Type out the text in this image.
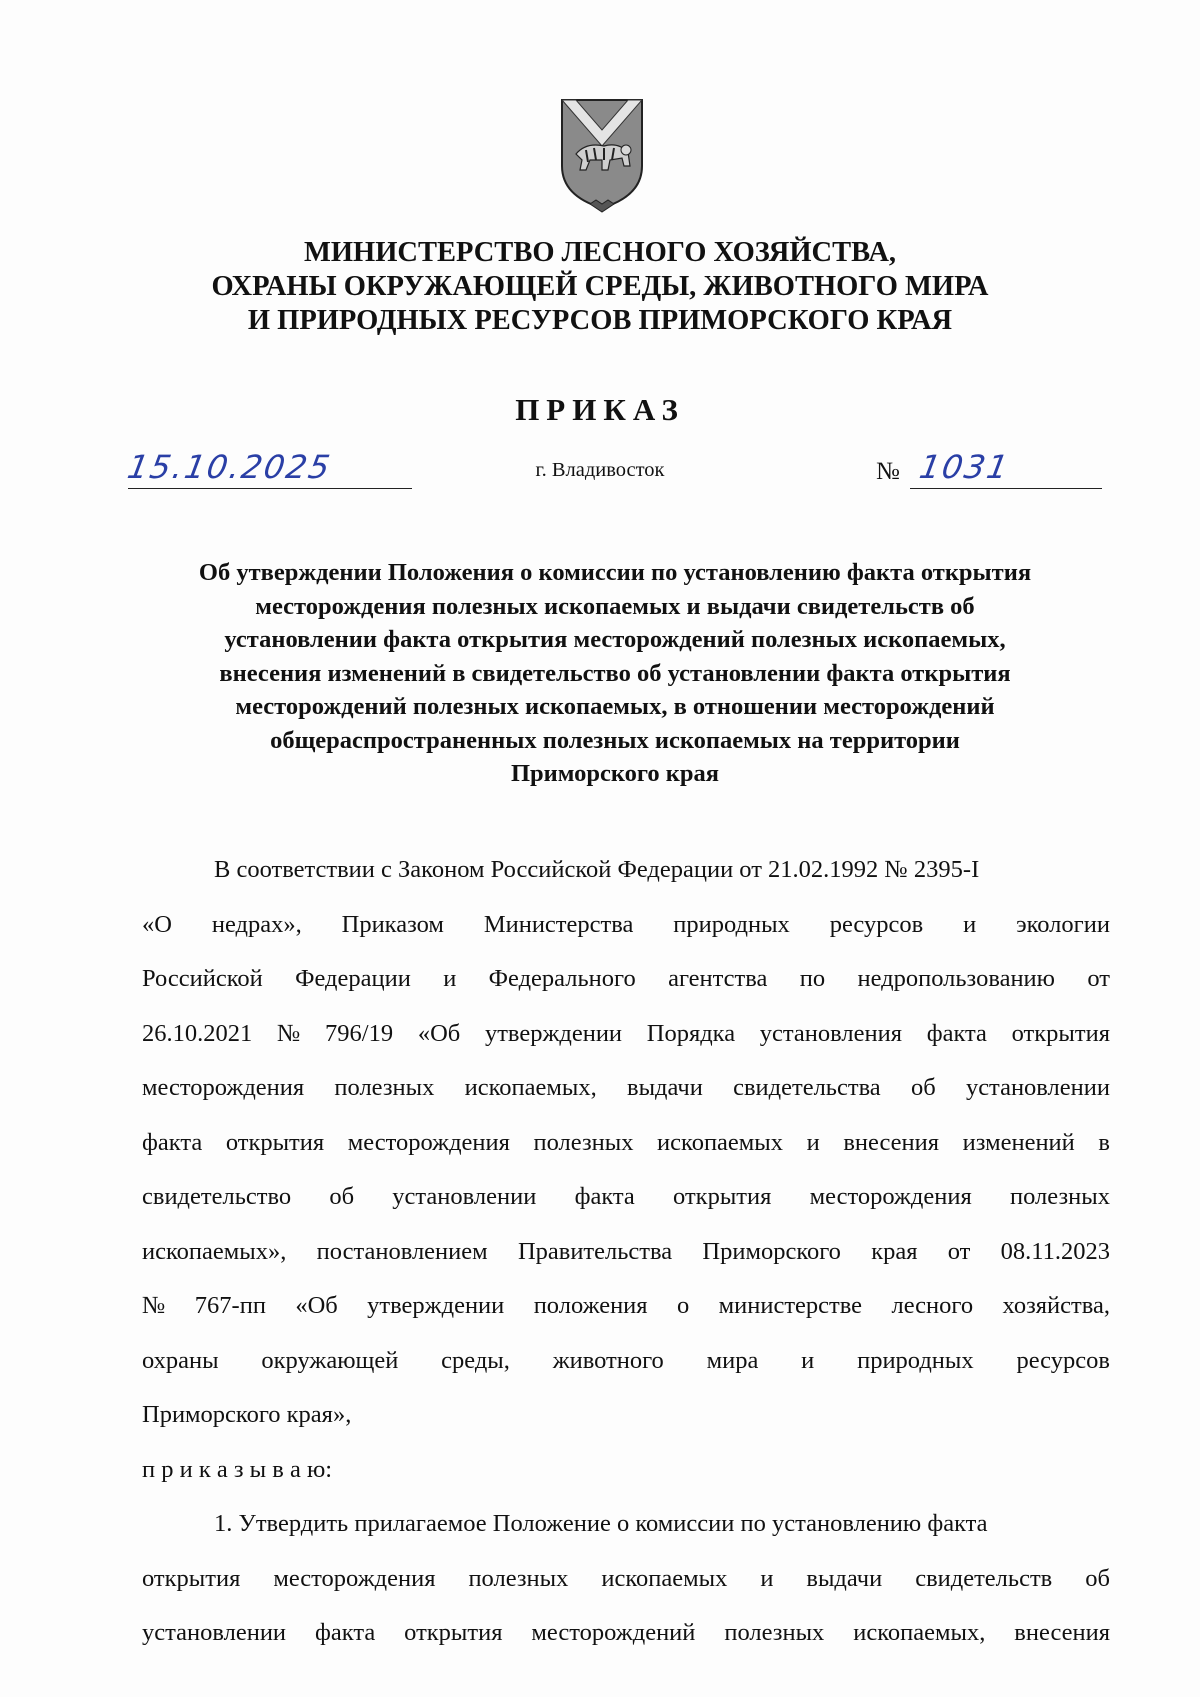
МИНИСТЕРСТВО ЛЕСНОГО ХОЗЯЙСТВА,
ОХРАНЫ ОКРУЖАЮЩЕЙ СРЕДЫ, ЖИВОТНОГО МИРА
И ПРИРОДНЫХ РЕСУРСОВ ПРИМОРСКОГО КРАЯ
ПРИКАЗ
15.10.2025	г. Владивосток	№ 1031
Об утверждении Положения о комиссии по установлению факта открытия
месторождения полезных ископаемых и выдачи свидетельств об
установлении факта открытия месторождений полезных ископаемых,
внесения изменений в свидетельство об установлении факта открытия
месторождений полезных ископаемых, в отношении месторождений
общераспространенных полезных ископаемых на территории
Приморского края
В соответствии с Законом Российской Федерации от 21.02.1992 № 2395-I
«О недрах», Приказом Министерства природных ресурсов и экологии
Российской Федерации и Федерального агентства по недропользованию от
26.10.2021 № 796/19 «Об утверждении Порядка установления факта открытия
месторождения полезных ископаемых, выдачи свидетельства об установлении
факта открытия месторождения полезных ископаемых и внесения изменений в
свидетельство об установлении факта открытия месторождения полезных
ископаемых», постановлением Правительства Приморского края от 08.11.2023
№ 767-пп «Об утверждении положения о министерстве лесного хозяйства,
охраны окружающей среды, животного мира и природных ресурсов
Приморского края»,
п р и к а з ы в а ю:
1. Утвердить прилагаемое Положение о комиссии по установлению факта
открытия месторождения полезных ископаемых и выдачи свидетельств об
установлении факта открытия месторождений полезных ископаемых, внесения
